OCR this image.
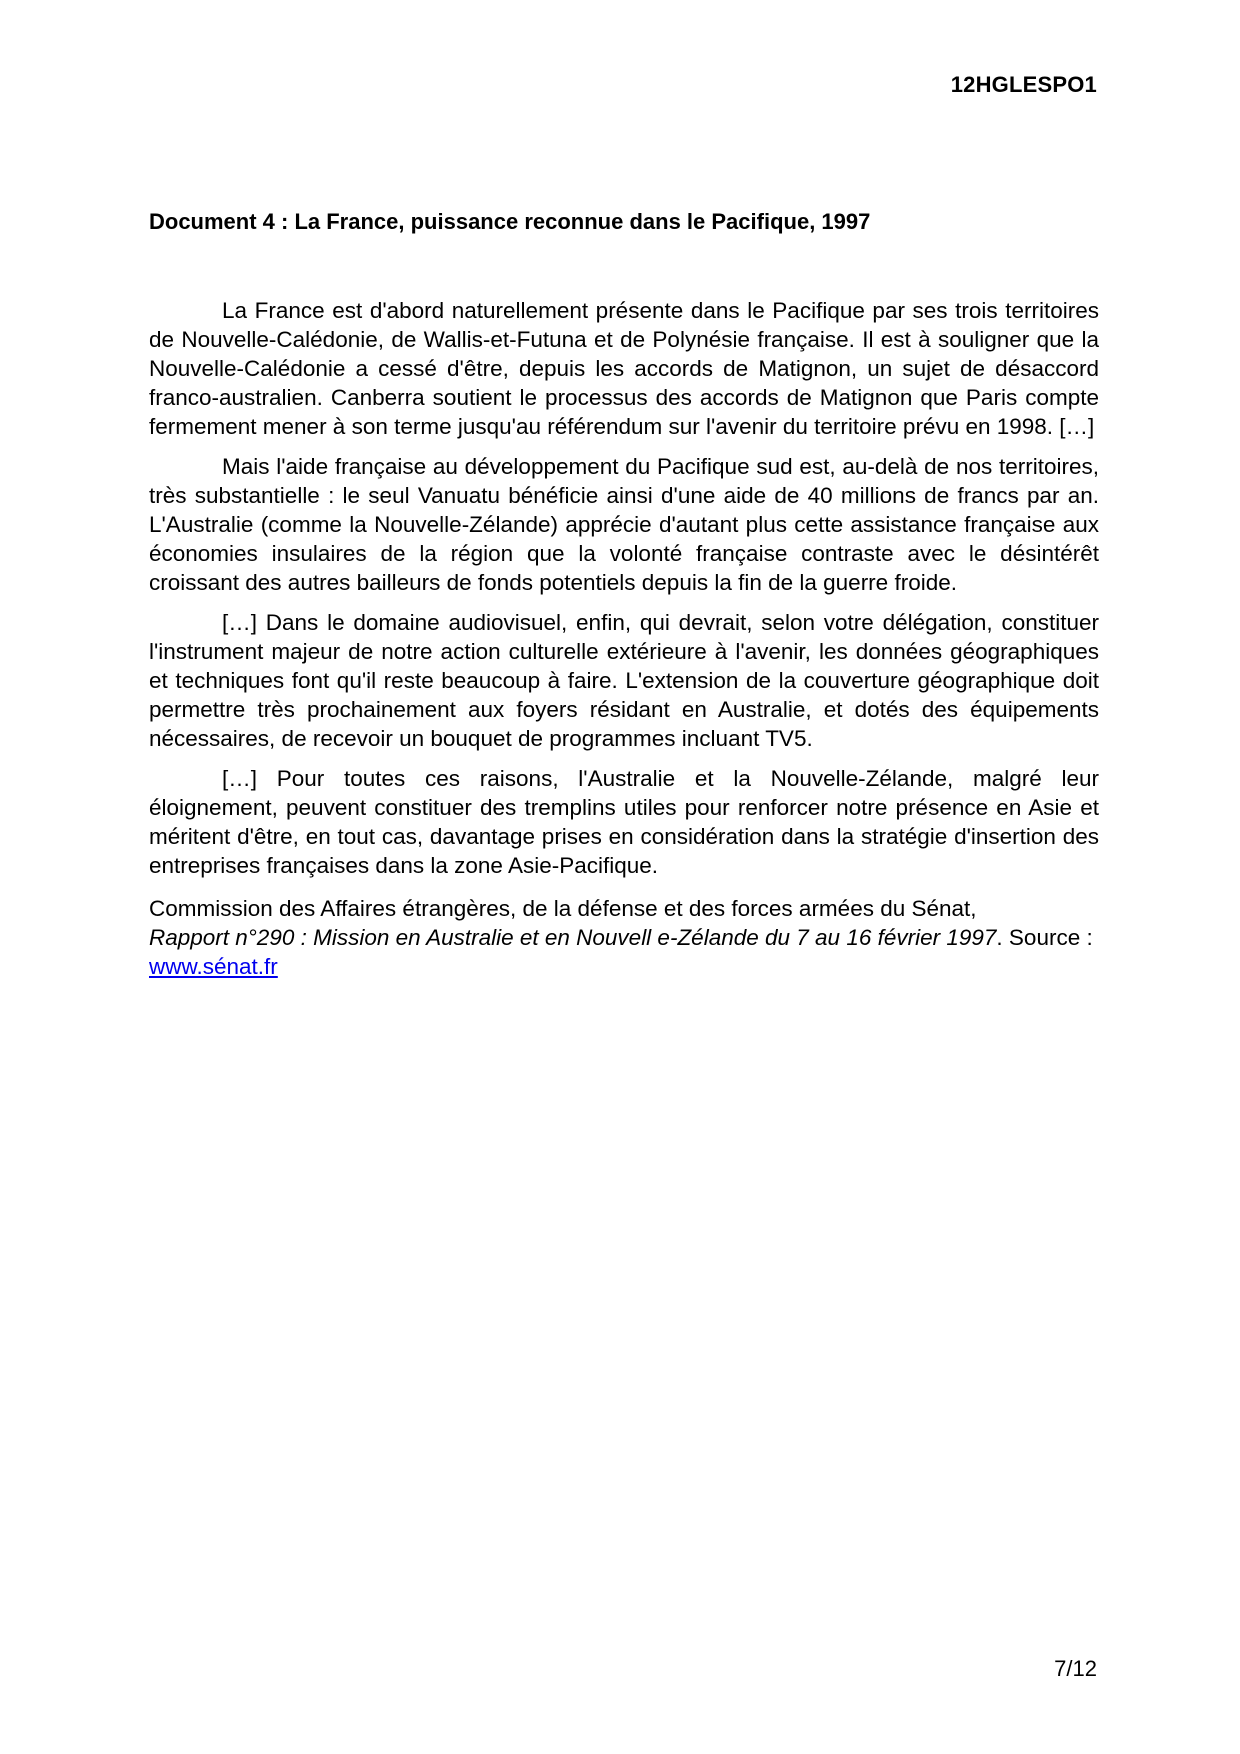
12HGLESPO1
Document 4 : La France, puissance reconnue dans le Pacifique, 1997

La France est d'abord naturellement présente dans le Pacifique par ses trois territoires de Nouvelle-Calédonie, de Wallis-et-Futuna et de Polynésie française. Il est à souligner que la Nouvelle-Calédonie a cessé d'être, depuis les accords de Matignon, un sujet de désaccord franco-australien. Canberra soutient le processus des accords de Matignon que Paris compte fermement mener à son terme jusqu'au référendum sur l'avenir du territoire prévu en 1998. […]

Mais l'aide française au développement du Pacifique sud est, au-delà de nos territoires, très substantielle : le seul Vanuatu bénéficie ainsi d'une aide de 40 millions de francs par an. L'Australie (comme la Nouvelle-Zélande) apprécie d'autant plus cette assistance française aux économies insulaires de la région que la volonté française contraste avec le désintérêt croissant des autres bailleurs de fonds potentiels depuis la fin de la guerre froide.

[…] Dans le domaine audiovisuel, enfin, qui devrait, selon votre délégation, constituer l'instrument majeur de notre action culturelle extérieure à l'avenir, les données géographiques et techniques font qu'il reste beaucoup à faire. L'extension de la couverture géographique doit permettre très prochainement aux foyers résidant en Australie, et dotés des équipements nécessaires, de recevoir un bouquet de programmes incluant TV5.

[…] Pour toutes ces raisons, l'Australie et la Nouvelle-Zélande, malgré leur éloignement, peuvent constituer des tremplins utiles pour renforcer notre présence en Asie et méritent d'être, en tout cas, davantage prises en considération dans la stratégie d'insertion des entreprises françaises dans la zone Asie-Pacifique.

Commission des Affaires étrangères, de la défense et des forces armées du Sénat,
Rapport n°290 : Mission en Australie et en Nouvell e-Zélande du 7 au 16 février 1997. Source : www.sénat.fr
7/12
